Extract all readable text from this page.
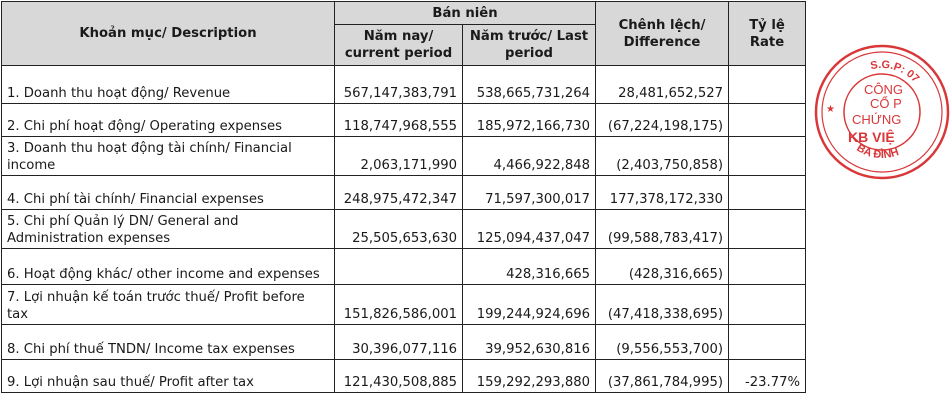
Khoản mục/ Description	Bán niên		Chênh lệch/ Difference	Tỷ lệ Rate
	Năm nay/ current period	Năm trước/ Last period		
1. Doanh thu hoạt động/ Revenue	567,147,383,791	538,665,731,264	28,481,652,527	
2. Chi phí hoạt động/ Operating expenses	118,747,968,555	185,972,166,730	(67,224,198,175)	
3. Doanh thu hoạt động tài chính/ Financial income	2,063,171,990	4,466,922,848	(2,403,750,858)	
4. Chi phí tài chính/ Financial expenses	248,975,472,347	71,597,300,017	177,378,172,330	
5. Chi phí Quản lý DN/ General and Administration expenses	25,505,653,630	125,094,437,047	(99,588,783,417)	
6. Hoạt động khác/ other income and expenses		428,316,665	(428,316,665)	
7. Lợi nhuận kế toán trước thuế/ Profit before tax	151,826,586,001	199,244,924,696	(47,418,338,695)	
8. Chi phí thuế TNDN/ Income tax expenses	30,396,077,116	39,952,630,816	(9,556,553,700)	
9. Lợi nhuận sau thuế/ Profit after tax	121,430,508,885	159,292,293,880	(37,861,784,995)	-23.77%
S.G.P: 07
BA ĐÌNH
CÔNG
CỔ P
CHỨNG
KB VIỆ
★
